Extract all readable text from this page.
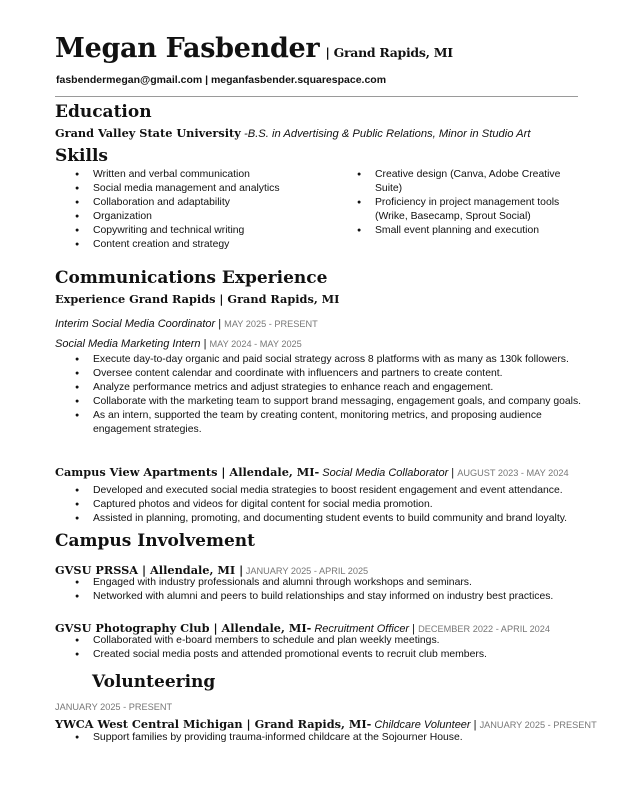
Megan Fasbender | Grand Rapids, MI
fasbendermegan@gmail.com | meganfasbender.squarespace.com
Education
Grand Valley State University -B.S. in Advertising & Public Relations, Minor in Studio Art
Skills
● Written and verbal communication
● Social media management and analytics
● Collaboration and adaptability
● Organization
● Copywriting and technical writing
● Content creation and strategy
● Creative design (Canva, Adobe Creative Suite)
● Proficiency in project management tools (Wrike, Basecamp, Sprout Social)
● Small event planning and execution
Communications Experience
Experience Grand Rapids | Grand Rapids, MI
Interim Social Media Coordinator | MAY 2025 - PRESENT
Social Media Marketing Intern | MAY 2024 - MAY 2025
● Execute day-to-day organic and paid social strategy across 8 platforms with as many as 130k followers.
● Oversee content calendar and coordinate with influencers and partners to create content.
● Analyze performance metrics and adjust strategies to enhance reach and engagement.
● Collaborate with the marketing team to support brand messaging, engagement goals, and company goals.
● As an intern, supported the team by creating content, monitoring metrics, and proposing audience engagement strategies.
Campus View Apartments | Allendale, MI- Social Media Collaborator | AUGUST 2023 - MAY 2024
● Developed and executed social media strategies to boost resident engagement and event attendance.
● Captured photos and videos for digital content for social media promotion.
● Assisted in planning, promoting, and documenting student events to build community and brand loyalty.
Campus Involvement
GVSU PRSSA | Allendale, MI | JANUARY 2025 - APRIL 2025
● Engaged with industry professionals and alumni through workshops and seminars.
● Networked with alumni and peers to build relationships and stay informed on industry best practices.
GVSU Photography Club | Allendale, MI- Recruitment Officer | DECEMBER 2022 - APRIL 2024
● Collaborated with e-board members to schedule and plan weekly meetings.
● Created social media posts and attended promotional events to recruit club members.
Volunteering
JANUARY 2025 - PRESENT
YWCA West Central Michigan | Grand Rapids, MI- Childcare Volunteer | JANUARY 2025 - PRESENT
● Support families by providing trauma-informed childcare at the Sojourner House.
